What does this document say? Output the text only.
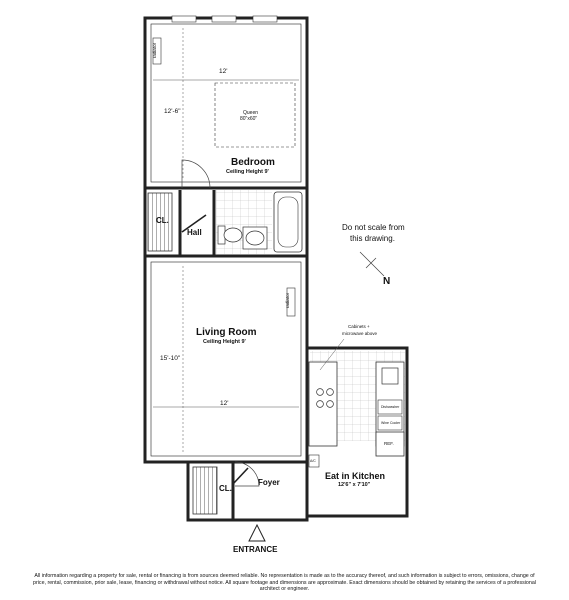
radiator
12'
12'-6"	Queen
80"x60"
Bedroom
Ceiling Height 9'
CL.
Hall
radiator
Living Room
Ceiling Height 9'
15'-10"
12'
Cabinets +
microwave above
Dishwasher
Wine Cooler
REF.
A/C
Eat in Kitchen
12'6" x 7'10"
CL.
Foyer
ENTRANCE
Do not scale from
this drawing.
N
All information regarding a property for sale, rental or financing is from sources deemed reliable. No representation is made as to the accuracy thereof, and such information is subject to errors, omissions, change of price, rental, commission, prior sale, lease, financing or withdrawal without notice. All square footage and dimensions are approximate. Exact dimensions should be obtained by retaining the services of a professional architect or engineer.
